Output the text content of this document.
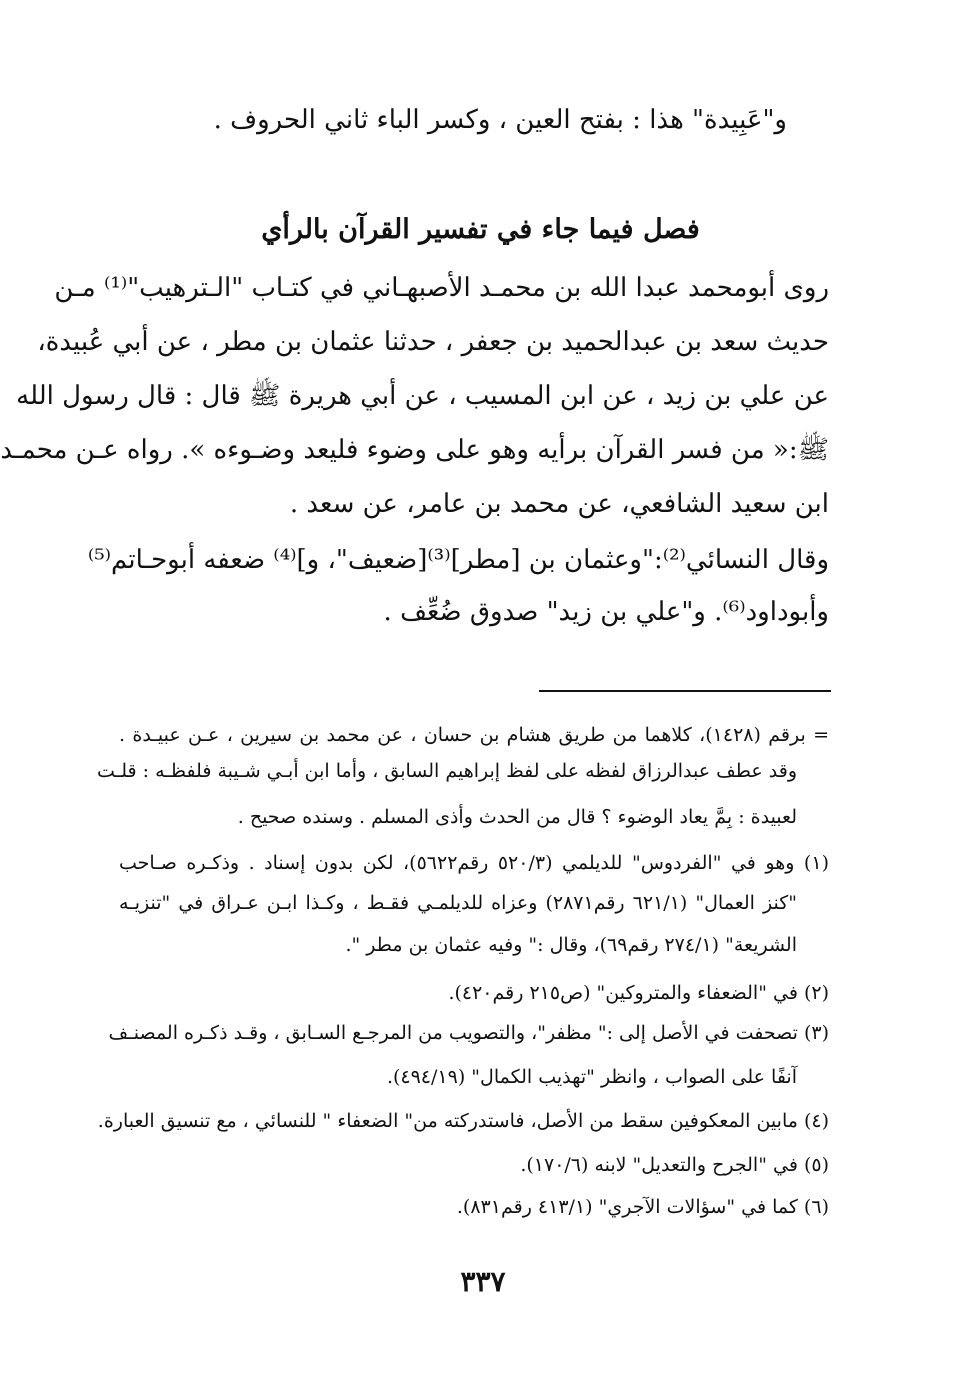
و"عَبِيدة" هذا : بفتح العين ، وكسر الباء ثاني الحروف .
فصل فيما جاء في تفسير القرآن بالرأي
روى أبومحمد عبدا الله بن محمـد الأصبهـاني في كتـاب "الـترهيب"⁽¹⁾ مـن
حديث سعد بن عبدالحميد بن جعفر ، حدثنا عثمان بن مطر ، عن أبي عُبيدة،
عن علي بن زيد ، عن ابن المسيب ، عن أبي هريرة ﷺ قال : قال رسول الله
ﷺ:« من فسر القرآن برأيه وهو على وضوء فليعد وضـوءه ». رواه عـن محمـد
ابن سعيد الشافعي، عن محمد بن عامر، عن سعد .
وقال النسائي⁽²⁾:"وعثمان بن [مطر]⁽³⁾[ضعيف"، و]⁽⁴⁾ ضعفه أبوحـاتم⁽⁵⁾
وأبوداود⁽⁶⁾. و"علي بن زيد" صدوق ضُعِّف .
= برقم (١٤٢٨)، كلاهما من طريق هشام بن حسان ، عن محمد بن سيرين ، عـن عبيـدة .
وقد عطف عبدالرزاق لفظه على لفظ إبراهيم السابق ، وأما ابن أبـي شـيبة فلفظـه : قلـت
لعبيدة : بِمَّ يعاد الوضوء ؟ قال من الحدث وأذى المسلم . وسنده صحيح .
(١) وهو في "الفردوس" للديلمي (٥٢٠/٣ رقم٥٦٢٢)، لكن بدون إسناد . وذكـره صـاحب
"كنز العمال" (٦٢١/١ رقم٢٨٧١) وعزاه للديلمـي فقـط ، وكـذا ابـن عـراق في "تنزيـه
الشريعة" (٢٧٤/١ رقم٦٩)، وقال :" وفيه عثمان بن مطر ".
(٢) في "الضعفاء والمتروكين" (ص٢١٥ رقم٤٢٠).
(٣) تصحفت في الأصل إلى :" مظفر"، والتصويب من المرجـع السـابق ، وقـد ذكـره المصنـف
آنفًا على الصواب ، وانظر "تهذيب الكمال" (٤٩٤/١٩).
(٤) مابين المعكوفين سقط من الأصل، فاستدركته من" الضعفاء " للنسائي ، مع تنسيق العبارة.
(٥) في "الجرح والتعديل" لابنه (١٧٠/٦).
(٦) كما في "سؤالات الآجري" (٤١٣/١ رقم٨٣١).
٣٣٧
